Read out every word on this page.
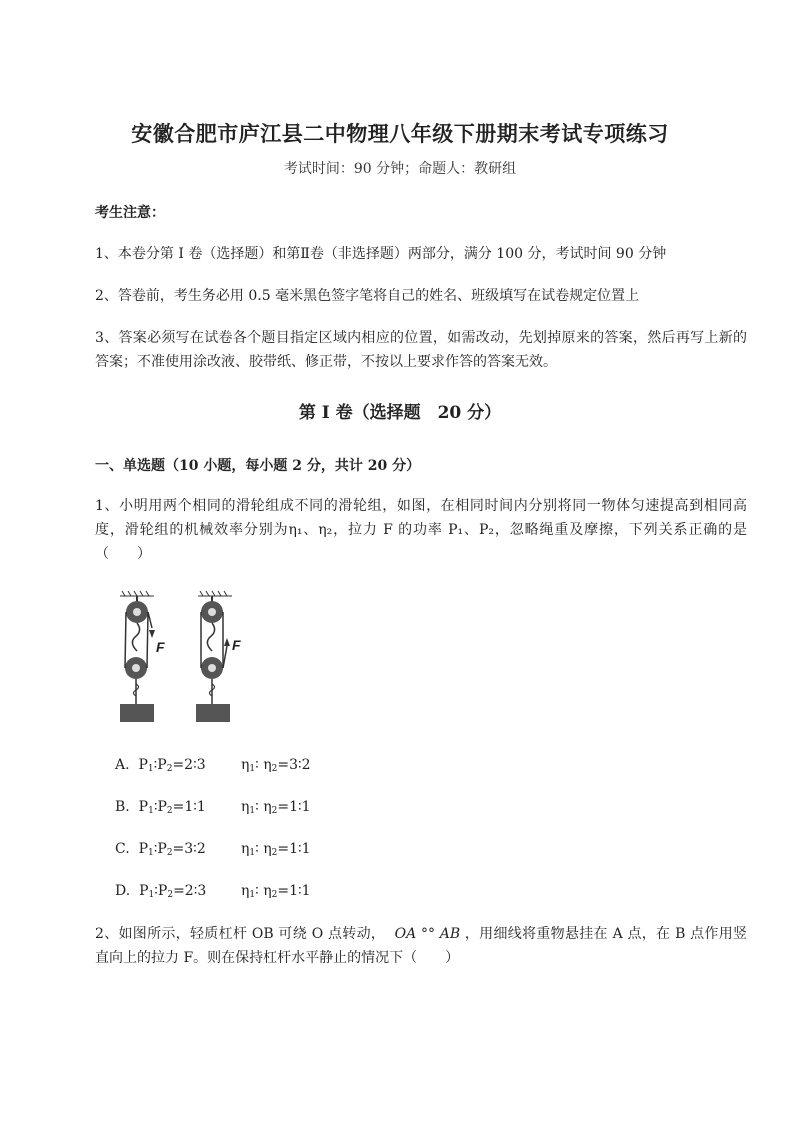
安徽合肥市庐江县二中物理八年级下册期末考试专项练习
考试时间：90 分钟；命题人：教研组
考生注意：
1、本卷分第 I 卷（选择题）和第Ⅱ卷（非选择题）两部分，满分 100 分，考试时间 90 分钟
2、答卷前，考生务必用 0.5 毫米黑色签字笔将自己的姓名、班级填写在试卷规定位置上
3、答案必须写在试卷各个题目指定区域内相应的位置，如需改动，先划掉原来的答案，然后再写上新的答案；不准使用涂改液、胶带纸、修正带，不按以上要求作答的答案无效。
第 I 卷（选择题　20 分）
一、单选题（10 小题，每小题 2 分，共计 20 分）
1、小明用两个相同的滑轮组成不同的滑轮组，如图，在相同时间内分别将同一物体匀速提高到相同高度，滑轮组的机械效率分别为η₁、η₂，拉力 F 的功率 P₁、P₂，忽略绳重及摩擦，下列关系正确的是（　　）
F	F
A.  $P_1∶P_2=2∶3$	$\eta_1∶$ $\eta_2=3∶2$
B.  $P_1∶P_2=1∶1$	$\eta_1∶$ $\eta_2=1∶1$
C.  $P_1∶P_2=3∶2$	$\eta_1∶$ $\eta_2=1∶1$
D.  $P_1∶P_2=2∶3$ $\eta_1∶$ $\eta_2=1∶1$
2、如图所示，轻质杠杆 OB 可绕 O 点转动， OA °° AB ，用细线将重物悬挂在 A 点，在 B 点作用竖直向上的拉力 F。则在保持杠杆水平静止的情况下（　　）
